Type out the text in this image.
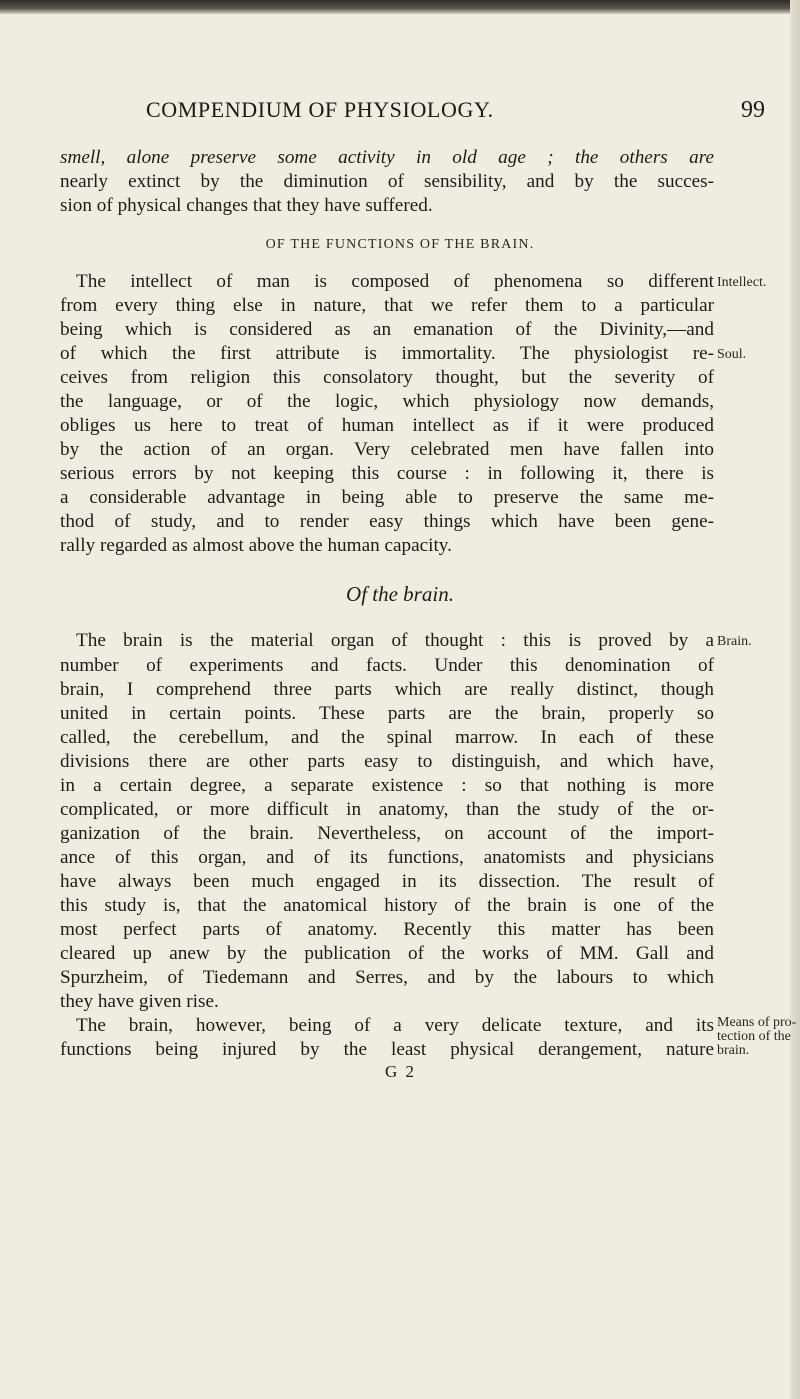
COMPENDIUM OF PHYSIOLOGY.	99
smell, alone preserve some activity in old age ; the others are
nearly extinct by the diminution of sensibility, and by the succes-
sion of physical changes that they have suffered.
OF THE FUNCTIONS OF THE BRAIN.
The intellect of man is composed of phenomena so different
from every thing else in nature, that we refer them to a particular
being which is considered as an emanation of the Divinity,—and
of which the first attribute is immortality. The physiologist re-
ceives from religion this consolatory thought, but the severity of
the language, or of the logic, which physiology now demands,
obliges us here to treat of human intellect as if it were produced
by the action of an organ. Very celebrated men have fallen into
serious errors by not keeping this course : in following it, there is
a considerable advantage in being able to preserve the same me-
thod of study, and to render easy things which have been gene-
rally regarded as almost above the human capacity.
Of the brain.
The brain is the material organ of thought : this is proved by a
number of experiments and facts. Under this denomination of
brain, I comprehend three parts which are really distinct, though
united in certain points. These parts are the brain, properly so
called, the cerebellum, and the spinal marrow. In each of these
divisions there are other parts easy to distinguish, and which have,
in a certain degree, a separate existence : so that nothing is more
complicated, or more difficult in anatomy, than the study of the or-
ganization of the brain. Nevertheless, on account of the import-
ance of this organ, and of its functions, anatomists and physicians
have always been much engaged in its dissection. The result of
this study is, that the anatomical history of the brain is one of the
most perfect parts of anatomy. Recently this matter has been
cleared up anew by the publication of the works of MM. Gall and
Spurzheim, of Tiedemann and Serres, and by the labours to which
they have given rise.
The brain, however, being of a very delicate texture, and its
functions being injured by the least physical derangement, nature
G 2
Intellect.
Soul.
Brain.
Means of pro-
tection of the
brain.
